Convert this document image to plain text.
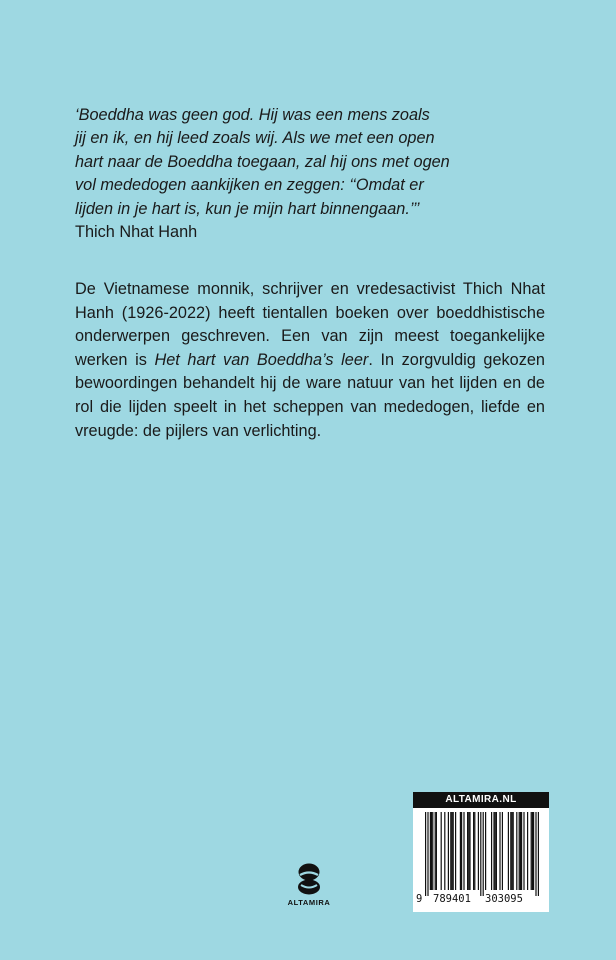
‘Boeddha was geen god. Hij was een mens zoals

jij en ik, en hij leed zoals wij. Als we met een open

hart naar de Boeddha toegaan, zal hij ons met ogen

vol mededogen aankijken en zeggen: ‘‘Omdat er

lijden in je hart is, kun je mijn hart binnengaan.’’’

Thich Nhat Hanh

De Vietnamese monnik, schrijver en vredesactivist Thich Nhat Hanh (1926-2022) heeft tientallen boeken over boeddhistische onderwerpen geschreven. Een van zijn meest toegankelijke werken is Het hart van Boeddha’s leer. In zorgvuldig gekozen bewoordingen behandelt hij de ware natuur van het lijden en de rol die lijden speelt in het scheppen van mededogen, liefde en vreugde: de pijlers van verlichting.

ALTAMIRA
ALTAMIRA.NL
9 789401 303095
